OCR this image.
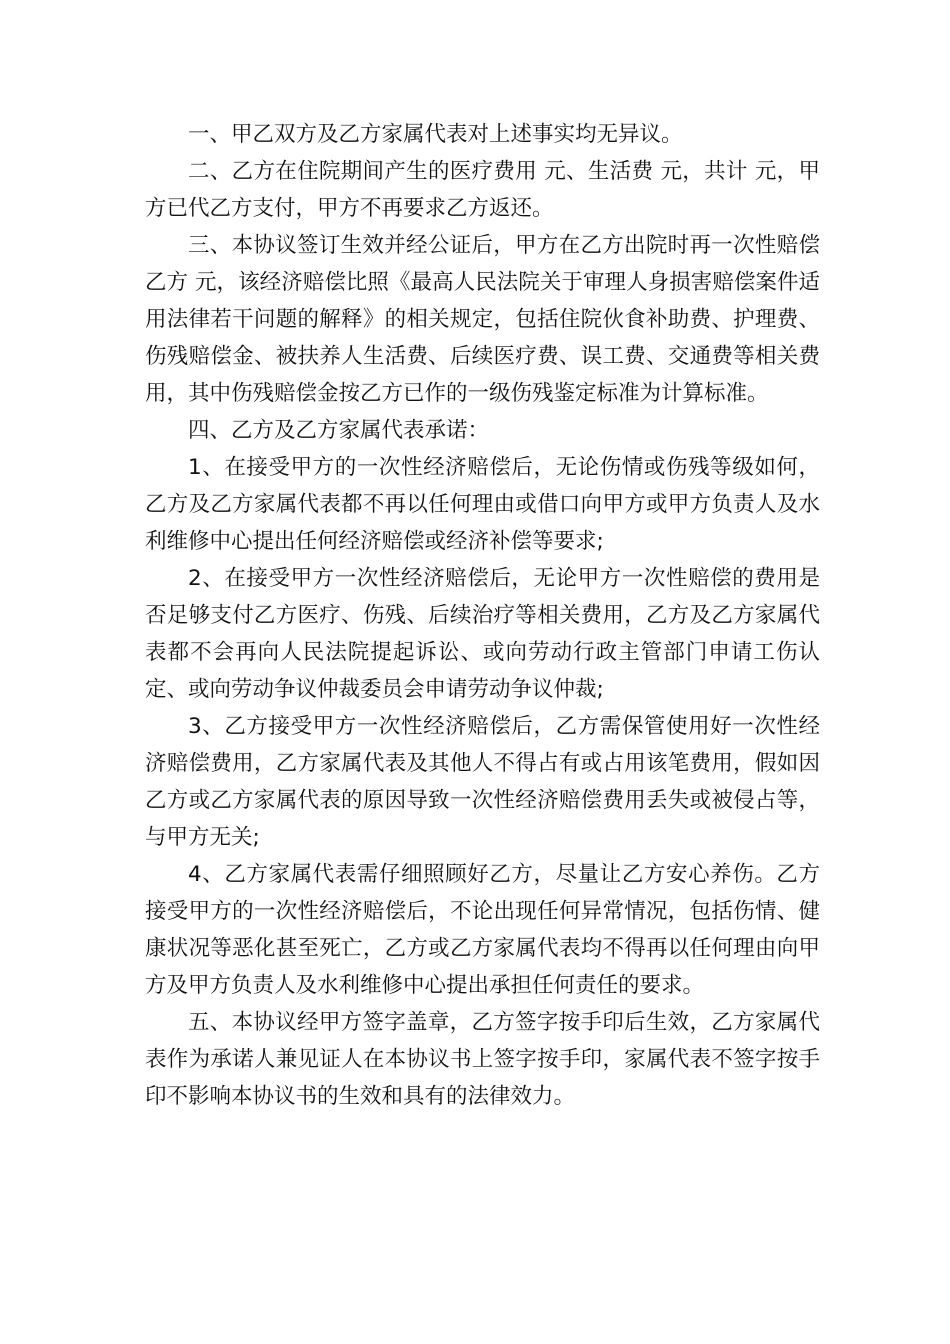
一、甲乙双方及乙方家属代表对上述事实均无异议。

二、乙方在住院期间产生的医疗费用 元、生活费 元，共计 元，甲方已代乙方支付，甲方不再要求乙方返还。

三、本协议签订生效并经公证后，甲方在乙方出院时再一次性赔偿乙方 元，该经济赔偿比照《最高人民法院关于审理人身损害赔偿案件适用法律若干问题的解释》的相关规定，包括住院伙食补助费、护理费、伤残赔偿金、被扶养人生活费、后续医疗费、误工费、交通费等相关费用，其中伤残赔偿金按乙方已作的一级伤残鉴定标准为计算标准。

四、乙方及乙方家属代表承诺：

1、在接受甲方的一次性经济赔偿后，无论伤情或伤残等级如何，乙方及乙方家属代表都不再以任何理由或借口向甲方或甲方负责人及水利维修中心提出任何经济赔偿或经济补偿等要求;

2、在接受甲方一次性经济赔偿后，无论甲方一次性赔偿的费用是否足够支付乙方医疗、伤残、后续治疗等相关费用，乙方及乙方家属代表都不会再向人民法院提起诉讼、或向劳动行政主管部门申请工伤认定、或向劳动争议仲裁委员会申请劳动争议仲裁;

3、乙方接受甲方一次性经济赔偿后，乙方需保管使用好一次性经济赔偿费用，乙方家属代表及其他人不得占有或占用该笔费用，假如因乙方或乙方家属代表的原因导致一次性经济赔偿费用丢失或被侵占等，与甲方无关;

4、乙方家属代表需仔细照顾好乙方，尽量让乙方安心养伤。乙方接受甲方的一次性经济赔偿后，不论出现任何异常情况，包括伤情、健康状况等恶化甚至死亡，乙方或乙方家属代表均不得再以任何理由向甲方及甲方负责人及水利维修中心提出承担任何责任的要求。

五、本协议经甲方签字盖章，乙方签字按手印后生效，乙方家属代表作为承诺人兼见证人在本协议书上签字按手印，家属代表不签字按手印不影响本协议书的生效和具有的法律效力。
